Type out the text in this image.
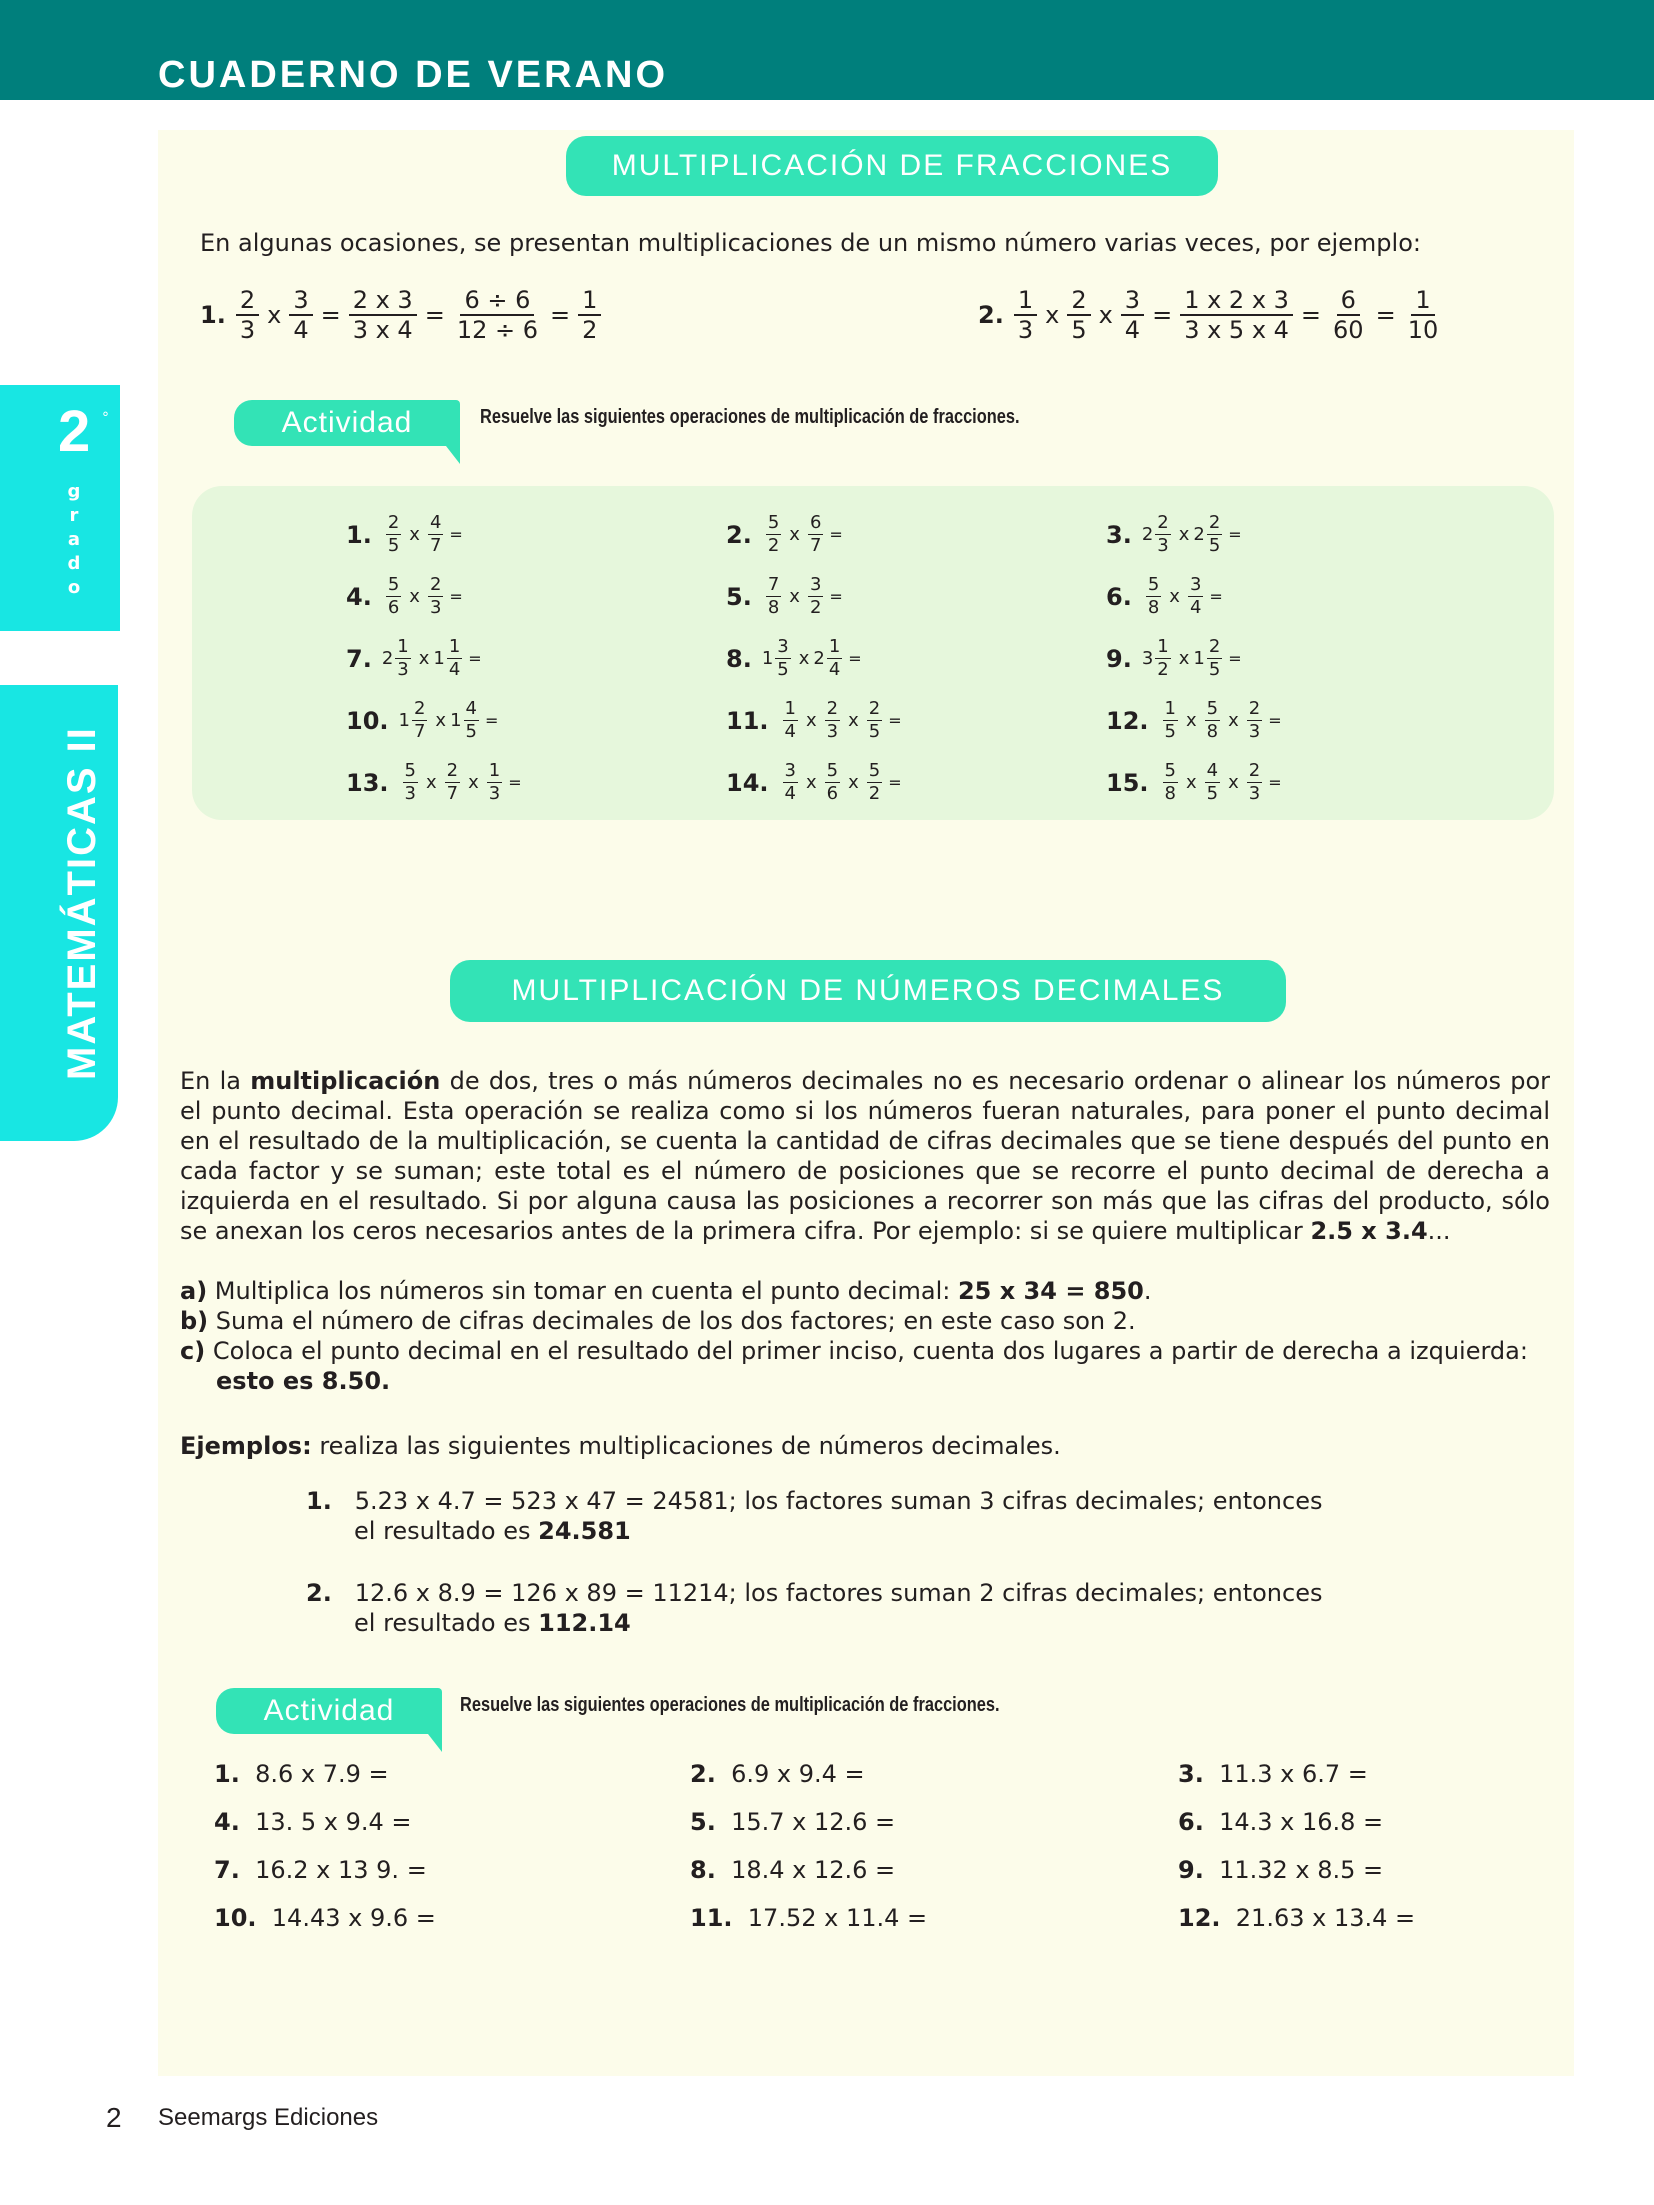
CUADERNO DE VERANO
2 °
grado
MATEMÁTICAS II
MULTIPLICACIÓN DE FRACCIONES
En algunas ocasiones, se presentan multiplicaciones de un mismo número varias veces, por ejemplo:
1. $\frac{2}{3}$ x $\frac{3}{4} = \frac{2 x 3}{3 x 4} = \frac{6 \div 6}{12 \div 6} = \frac{1}{2}$	2. $\frac{1}{3}$ x $\frac{2}{5}$ x $\frac{3}{4} = \frac{1 x 2 x 3}{3 x 5 x 4} = \frac{6}{60} = \frac{1}{10}$
Actividad	Resuelve las siguientes operaciones de multiplicación de fracciones.
1. $\frac{2}{5}$ x $\frac{4}{7}$ =	2. $\frac{5}{2}$ x $\frac{6}{7}$ =	3. $2 \frac{2}{3}$ x $2 \frac{2}{5}$ =
4. $\frac{5}{6}$ x $\frac{2}{3}$ =	5. $\frac{7}{8}$ x $\frac{3}{2}$ =	6. $\frac{5}{8}$ x $\frac{3}{4}$ =
7. $2 \frac{1}{3}$ x $1 \frac{1}{4}$ =	8. $1 \frac{3}{5}$ x $2 \frac{1}{4}$ =	9. $3 \frac{1}{2}$ x $1 \frac{2}{5}$ =
10. $1 \frac{2}{7}$ x $1 \frac{4}{5}$ =	11. $\frac{1}{4}$ x $\frac{2}{3}$ x $\frac{2}{5}$ =	12. $\frac{1}{5}$ x $\frac{5}{8}$ x $\frac{2}{3}$ =
13. $\frac{5}{3}$ x $\frac{2}{7}$ x $\frac{1}{3}$ =	14. $\frac{3}{4}$ x $\frac{5}{6}$ x $\frac{5}{2}$ =	15. $\frac{5}{8}$ x $\frac{4}{5}$ x $\frac{2}{3}$ =
MULTIPLICACIÓN DE NÚMEROS DECIMALES
En la multiplicación de dos, tres o más números decimales no es necesario ordenar o alinear los números por el punto decimal. Esta operación se realiza como si los números fueran naturales, para poner el punto decimal en el resultado de la multiplicación, se cuenta la cantidad de cifras decimales que se tiene después del punto en cada factor y se suman; este total es el número de posiciones que se recorre el punto decimal de derecha a izquierda en el resultado. Si por alguna causa las posiciones a recorrer son más que las cifras del producto, sólo se anexan los ceros necesarios antes de la primera cifra. Por ejemplo: si se quiere multiplicar 2.5 x 3.4...
a) Multiplica los números sin tomar en cuenta el punto decimal: 25 x 34 = 850.
b) Suma el número de cifras decimales de los dos factores; en este caso son 2.
c) Coloca el punto decimal en el resultado del primer inciso, cuenta dos lugares a partir de derecha a izquierda:
esto es 8.50.
Ejemplos: realiza las siguientes multiplicaciones de números decimales.
1. 5.23 x 4.7 = 523 x 47 = 24581; los factores suman 3 cifras decimales; entonces
el resultado es 24.581
2. 12.6 x 8.9 = 126 x 89 = 11214; los factores suman 2 cifras decimales; entonces
el resultado es 112.14
Actividad	Resuelve las siguientes operaciones de multiplicación de fracciones.
1. 8.6 x 7.9 =	2. 6.9 x 9.4 =	3. 11.3 x 6.7 =
4. 13. 5 x 9.4 =	5. 15.7 x 12.6 =	6. 14.3 x 16.8 =
7. 16.2 x 13 9. =	8. 18.4 x 12.6 =	9. 11.32 x 8.5 =
10. 14.43 x 9.6 =	11. 17.52 x 11.4 =	12. 21.63 x 13.4 =
2 Seemargs Ediciones
